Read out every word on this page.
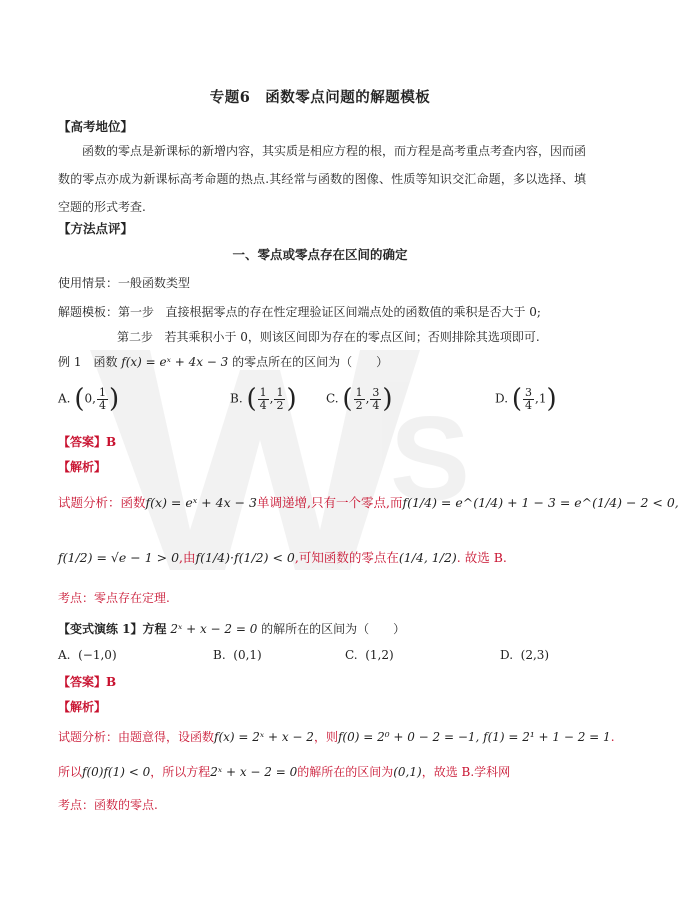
S
专题6　函数零点问题的解题模板
【高考地位】
函数的零点是新课标的新增内容，其实质是相应方程的根，而方程是高考重点考查内容，因而函数的零点亦成为新课标高考命题的热点.其经常与函数的图像、性质等知识交汇命题，多以选择、填空题的形式考查.
【方法点评】
一、零点或零点存在区间的确定
使用情景：一般函数类型
解题模板：第一步 直接根据零点的存在性定理验证区间端点处的函数值的乘积是否大于 0;
第二步 若其乘积小于 0，则该区间即为存在的零点区间；否则排除其选项即可.
例 1　函数 f(x) = eˣ + 4x − 3 的零点所在的区间为（　　）
A. (0, $\frac{1}{4}$ )	B. ( $\frac{1}{4}$ , $\frac{1}{2}$ ) C. ( $\frac{1}{2}$ , $\frac{3}{4}$ )	D. ( $\frac{3}{4} ,1$)
【答案】B
【解析】
试题分析：函数f(x) = eˣ + 4x − 3单调递增,只有一个零点,而f(1/4) = e^(1/4) + 1 − 3 = e^(1/4) − 2 < 0,
f(1/2) = √e − 1 > 0,由f(1/4)·f(1/2) < 0,可知函数的零点在(1/4, 1/2). 故选 B.
考点：零点存在定理.
【变式演练 1】方程 2ˣ + x − 2 = 0 的解所在的区间为（　　）
A. (−1,0)	B. (0,1)	C. (1,2)	D. (2,3)
【答案】B
【解析】
试题分析：由题意得，设函数f(x) = 2ˣ + x − 2，则f(0) = 2⁰ + 0 − 2 = −1, f(1) = 2¹ + 1 − 2 = 1.
所以f(0)f(1) < 0，所以方程2ˣ + x − 2 = 0的解所在的区间为(0,1)，故选 B.学科网
考点：函数的零点.
